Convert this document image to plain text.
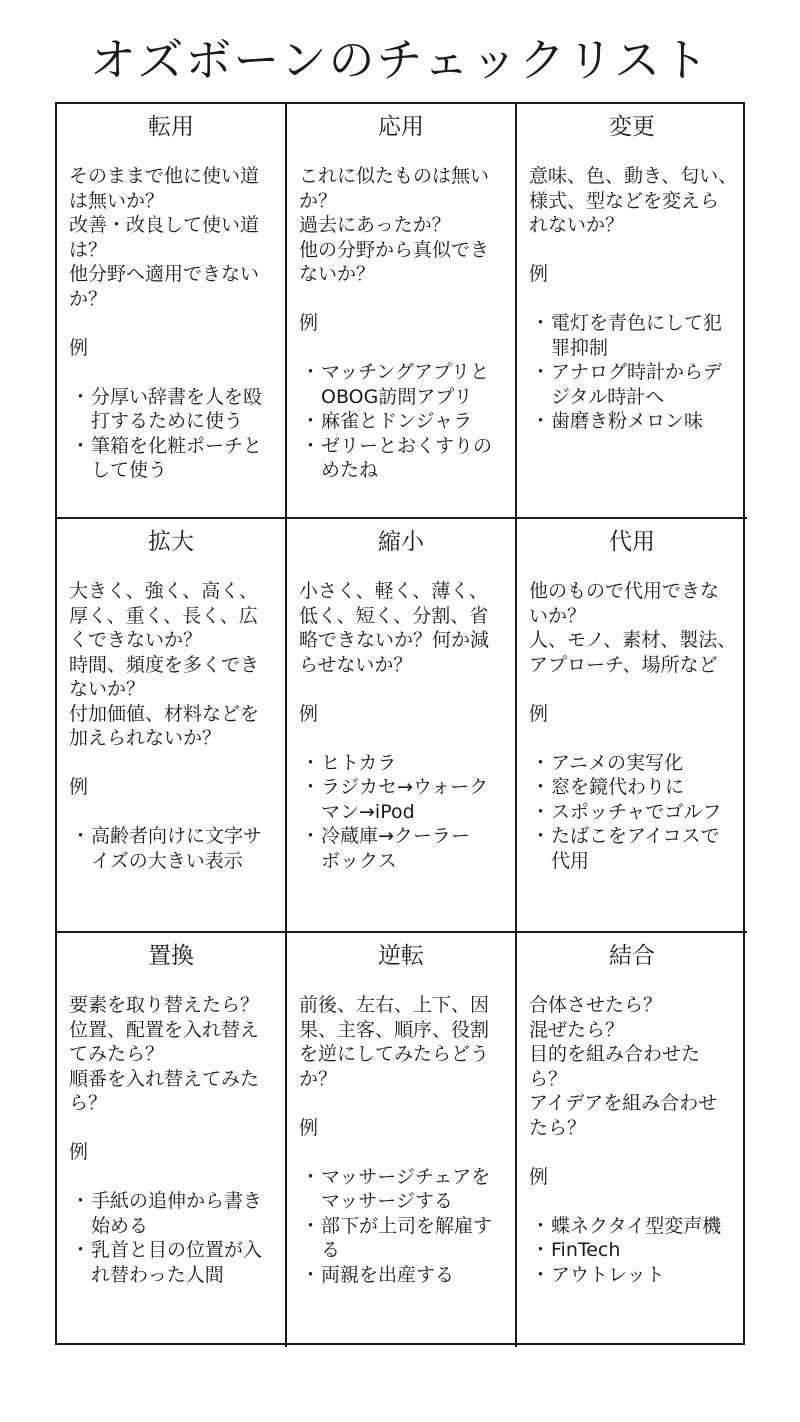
オズボーンのチェックリスト
転用
そのままで他に使い道
は無いか？
改善・改良して使い道
は？
他分野へ適用できない
か？
例
・ 分厚い辞書を人を殴
打するために使う
・ 筆箱を化粧ポーチと
して使う
応用
これに似たものは無い
か？
過去にあったか？
他の分野から真似でき
ないか？
例
・ マッチングアプリと
OBOG訪問アプリ
・ 麻雀とドンジャラ
・ ゼリーとおくすりの
めたね
変更
意味、色、動き、匂い、
様式、型などを変えら
れないか？
例
・ 電灯を青色にして犯
罪抑制
・ アナログ時計からデ
ジタル時計へ
・ 歯磨き粉メロン味
拡大
大きく、強く、高く、
厚く、重く、長く、広
くできないか？
時間、頻度を多くでき
ないか？
付加価値、材料などを
加えられないか？
例
・ 高齢者向けに文字サ
イズの大きい表示
縮小
小さく、軽く、薄く、
低く、短く、分割、省
略できないか？何か減
らせないか？
例
・ ヒトカラ
・ ラジカセ→ウォーク
マン→iPod
・ 冷蔵庫→クーラー
ボックス
代用
他のもので代用できな
いか？
人、モノ、素材、製法、
アプローチ、場所など
例
・ アニメの実写化
・ 窓を鏡代わりに
・ スポッチャでゴルフ
・ たばこをアイコスで
代用
置換
要素を取り替えたら？
位置、配置を入れ替え
てみたら？
順番を入れ替えてみた
ら？
例
・ 手紙の追伸から書き
始める
・ 乳首と目の位置が入
れ替わった人間
逆転
前後、左右、上下、因
果、主客、順序、役割
を逆にしてみたらどう
か？
例
・ マッサージチェアを
マッサージする
・ 部下が上司を解雇す
る
・ 両親を出産する
結合
合体させたら？
混ぜたら？
目的を組み合わせた
ら？
アイデアを組み合わせ
たら？
例
・ 蝶ネクタイ型変声機
・ FinTech
・ アウトレット
